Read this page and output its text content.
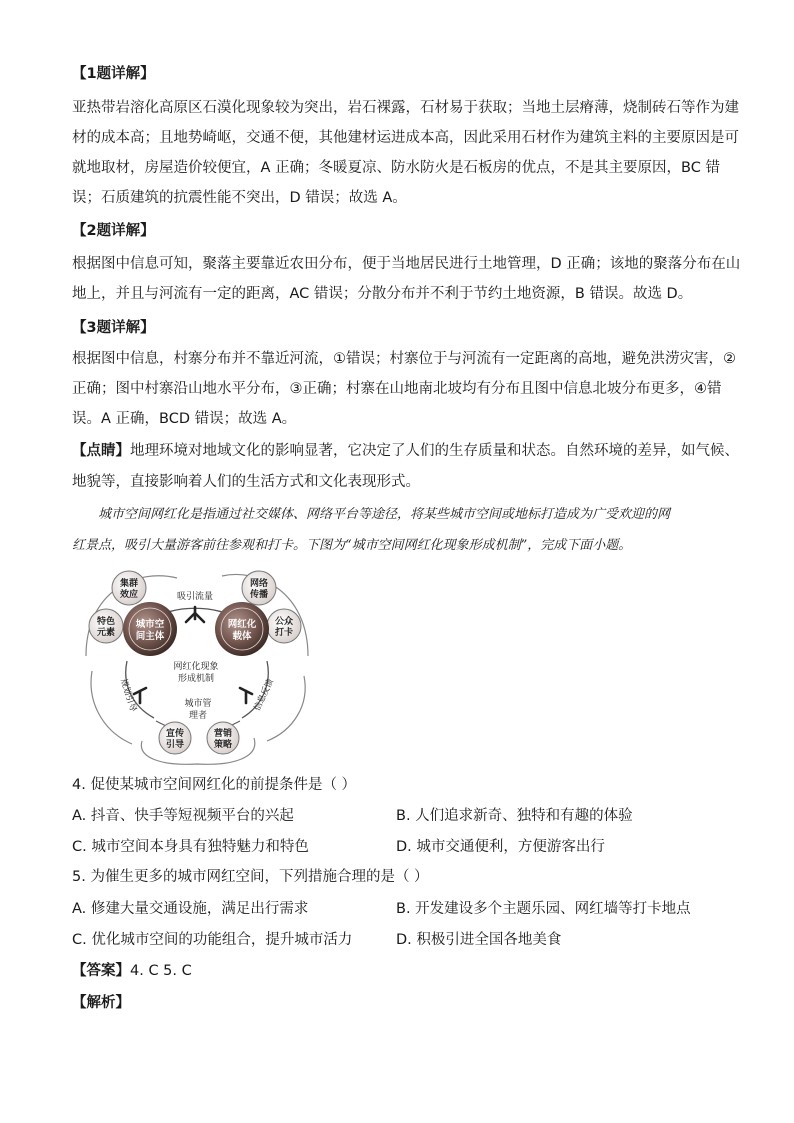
【1题详解】
亚热带岩溶化高原区石漠化现象较为突出，岩石裸露，石材易于获取；当地土层瘠薄，烧制砖石等作为建
材的成本高；且地势崎岖，交通不便，其他建材运进成本高，因此采用石材作为建筑主料的主要原因是可
就地取材，房屋造价较便宜，A 正确；冬暖夏凉、防水防火是石板房的优点，不是其主要原因，BC 错
误；石质建筑的抗震性能不突出，D 错误；故选 A。
【2题详解】
根据图中信息可知，聚落主要靠近农田分布，便于当地居民进行土地管理，D 正确；该地的聚落分布在山
地上，并且与河流有一定的距离，AC 错误；分散分布并不利于节约土地资源，B 错误。故选 D。
【3题详解】
根据图中信息，村寨分布并不靠近河流，①错误；村寨位于与河流有一定距离的高地，避免洪涝灾害，②
正确；图中村寨沿山地水平分布，③正确；村寨在山地南北坡均有分布且图中信息北坡分布更多，④错
误。A 正确，BCD 错误；故选 A。
【点睛】地理环境对地域文化的影响显著，它决定了人们的生存质量和状态。自然环境的差异，如气候、
地貌等，直接影响着人们的生活方式和文化表现形式。
城市空间网红化是指通过社交媒体、网络平台等途径，将某些城市空间或地标打造成为广受欢迎的网
红景点，吸引大量游客前往参观和打卡。下图为“城市空间网红化现象形成机制”，完成下面小题。
集群
效应
特色
元素
网络
传播
公众
打卡
城市空
间主体
网红化
载体
吸引流量
规划引导	信息反馈
网红化现象
形成机制
城市管
理者
宣传
引导
营销
策略
4. 促使某城市空间网红化的前提条件是（ ）
A. 抖音、快手等短视频平台的兴起	B. 人们追求新奇、独特和有趣的体验
C. 城市空间本身具有独特魅力和特色	D. 城市交通便利，方便游客出行
5. 为催生更多的城市网红空间，下列措施合理的是（ ）
A. 修建大量交通设施，满足出行需求	B. 开发建设多个主题乐园、网红墙等打卡地点
C. 优化城市空间的功能组合，提升城市活力	D. 积极引进全国各地美食
【答案】4. C 5. C
【解析】
